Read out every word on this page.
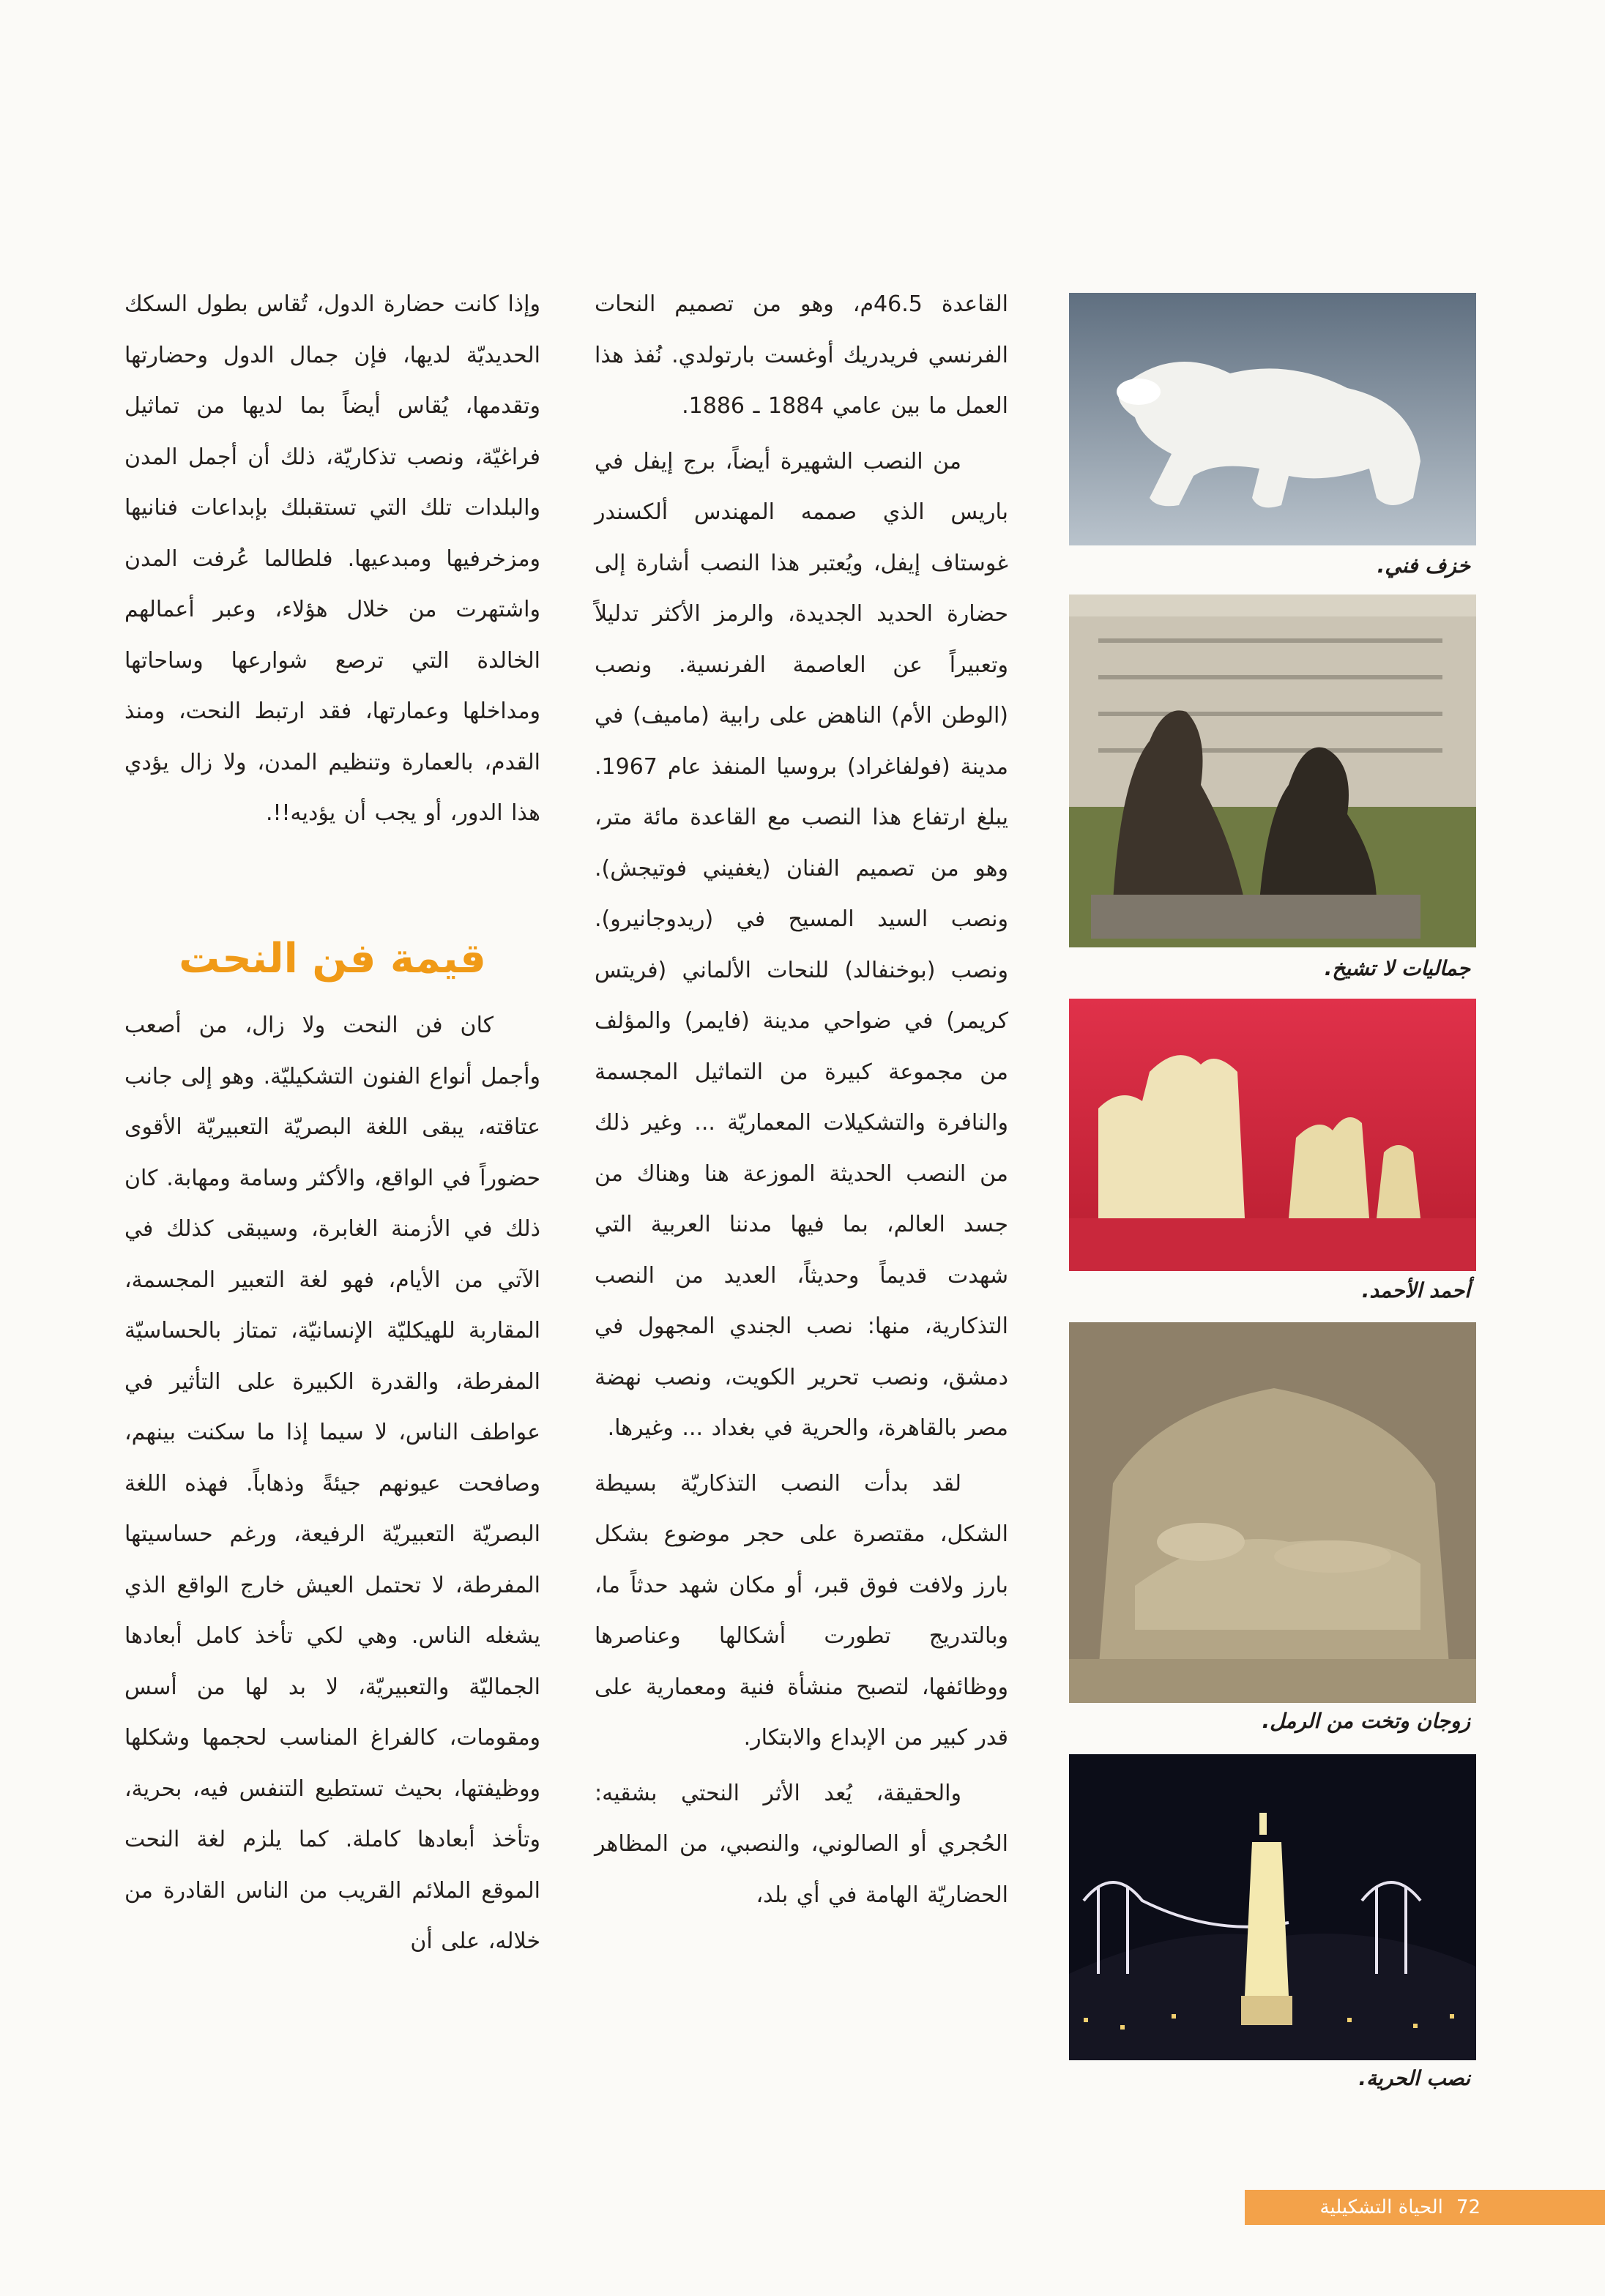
خزف فني.
جماليات لا تشيخ.
أحمد الأحمد.
زوجان وتخت من الرمل.
نصب الحرية.

القاعدة 46.5م، وهو من تصميم النحات الفرنسي فريدريك أوغست بارتولدي. نُفذ هذا العمل ما بين عامي 1884 ـ 1886.

من النصب الشهيرة أيضاً، برج إيفل في باريس الذي صممه المهندس ألكسندر غوستاف إيفل، ويُعتبر هذا النصب أشارة إلى حضارة الحديد الجديدة، والرمز الأكثر تدليلاً وتعبيراً عن العاصمة الفرنسية. ونصب (الوطن الأم) الناهض على رابية (ماميف) في مدينة (فولفاغراد) بروسيا المنفذ عام 1967. يبلغ ارتفاع هذا النصب مع القاعدة مائة متر، وهو من تصميم الفنان (يغفيني فوتيجش). ونصب السيد المسيح في (ريدوجانيرو). ونصب (بوخنفالد) للنحات الألماني (فريتس كريمر) في ضواحي مدينة (فايمر) والمؤلف من مجموعة كبيرة من التماثيل المجسمة والنافرة والتشكيلات المعماريّة ... وغير ذلك من النصب الحديثة الموزعة هنا وهناك من جسد العالم، بما فيها مدننا العربية التي شهدت قديماً وحديثاً، العديد من النصب التذكارية، منها: نصب الجندي المجهول في دمشق، ونصب تحرير الكويت، ونصب نهضة مصر بالقاهرة، والحرية في بغداد ... وغيرها.

لقد بدأت النصب التذكاريّة بسيطة الشكل، مقتصرة على حجر موضوع بشكل بارز ولافت فوق قبر، أو مكان شهد حدثاً ما، وبالتدريج تطورت أشكالها وعناصرها ووظائفها، لتصبح منشأة فنية ومعمارية على قدر كبير من الإبداع والابتكار.

والحقيقة، يُعد الأثر النحتي بشقيه: الحُجري أو الصالوني، والنصبي، من المظاهر الحضاريّة الهامة في أي بلد،

وإذا كانت حضارة الدول، تُقاس بطول السكك الحديديّة لديها، فإن جمال الدول وحضارتها وتقدمها، يُقاس أيضاً بما لديها من تماثيل فراغيّة، ونصب تذكاريّة، ذلك أن أجمل المدن والبلدات تلك التي تستقبلك بإبداعات فنانيها ومزخرفيها ومبدعيها. فلطالما عُرفت المدن واشتهرت من خلال هؤلاء، وعبر أعمالهم الخالدة التي ترصع شوارعها وساحاتها ومداخلها وعمارتها، فقد ارتبط النحت، ومنذ القدم، بالعمارة وتنظيم المدن، ولا زال يؤدي هذا الدور، أو يجب أن يؤديه!!.

قيمة فن النحت

كان فن النحت ولا زال، من أصعب وأجمل أنواع الفنون التشكيليّة. وهو إلى جانب عتاقته، يبقى اللغة البصريّة التعبيريّة الأقوى حضوراً في الواقع، والأكثر وسامة ومهابة. كان ذلك في الأزمنة الغابرة، وسيبقى كذلك في الآتي من الأيام، فهو لغة التعبير المجسمة، المقاربة للهيكليّة الإنسانيّة، تمتاز بالحساسيّة المفرطة، والقدرة الكبيرة على التأثير في عواطف الناس، لا سيما إذا ما سكنت بينهم، وصافحت عيونهم جيئةً وذهاباً. فهذه اللغة البصريّة التعبيريّة الرفيعة، ورغم حساسيتها المفرطة، لا تحتمل العيش خارج الواقع الذي يشغله الناس. وهي لكي تأخذ كامل أبعادها الجماليّة والتعبيريّة، لا بد لها من أسس ومقومات، كالفراغ المناسب لحجمها وشكلها ووظيفتها، بحيث تستطيع التنفس فيه، بحرية، وتأخذ أبعادها كاملة. كما يلزم لغة النحت الموقع الملائم القريب من الناس القادرة من خلاله، على أن

72الحياة التشكيلية
